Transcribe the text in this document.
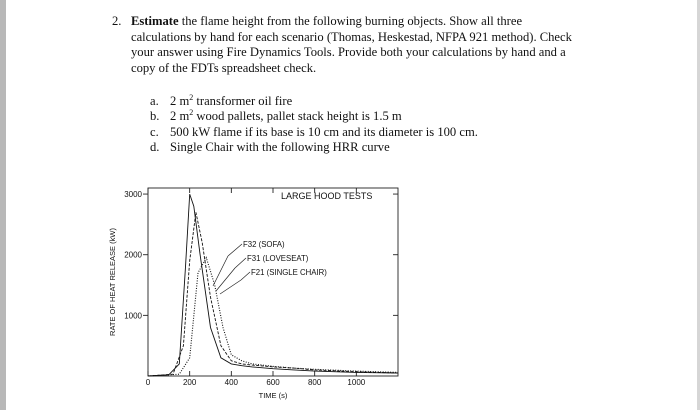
2. Estimate the flame height from the following burning objects. Show all three calculations by hand for each scenario (Thomas, Heskestad, NFPA 921 method). Check your answer using Fire Dynamics Tools. Provide both your calculations by hand and a copy of the FDTs spreadsheet check.
a. 2 $m^2$ transformer oil fire
b. 2 $m^2$ wood pallets, pallet stack height is 1.5 m
c. 500 kW flame if its base is 10 cm and its diameter is 100 cm.
d. Single Chair with the following HRR curve
1000
2000
3000
0	200	400	600	800	1000
LARGE HOOD TESTS
F32 (SOFA)
F31 (LOVESEAT)
F21 (SINGLE CHAIR)
TIME (s)
RATE OF HEAT RELEASE (kW)
